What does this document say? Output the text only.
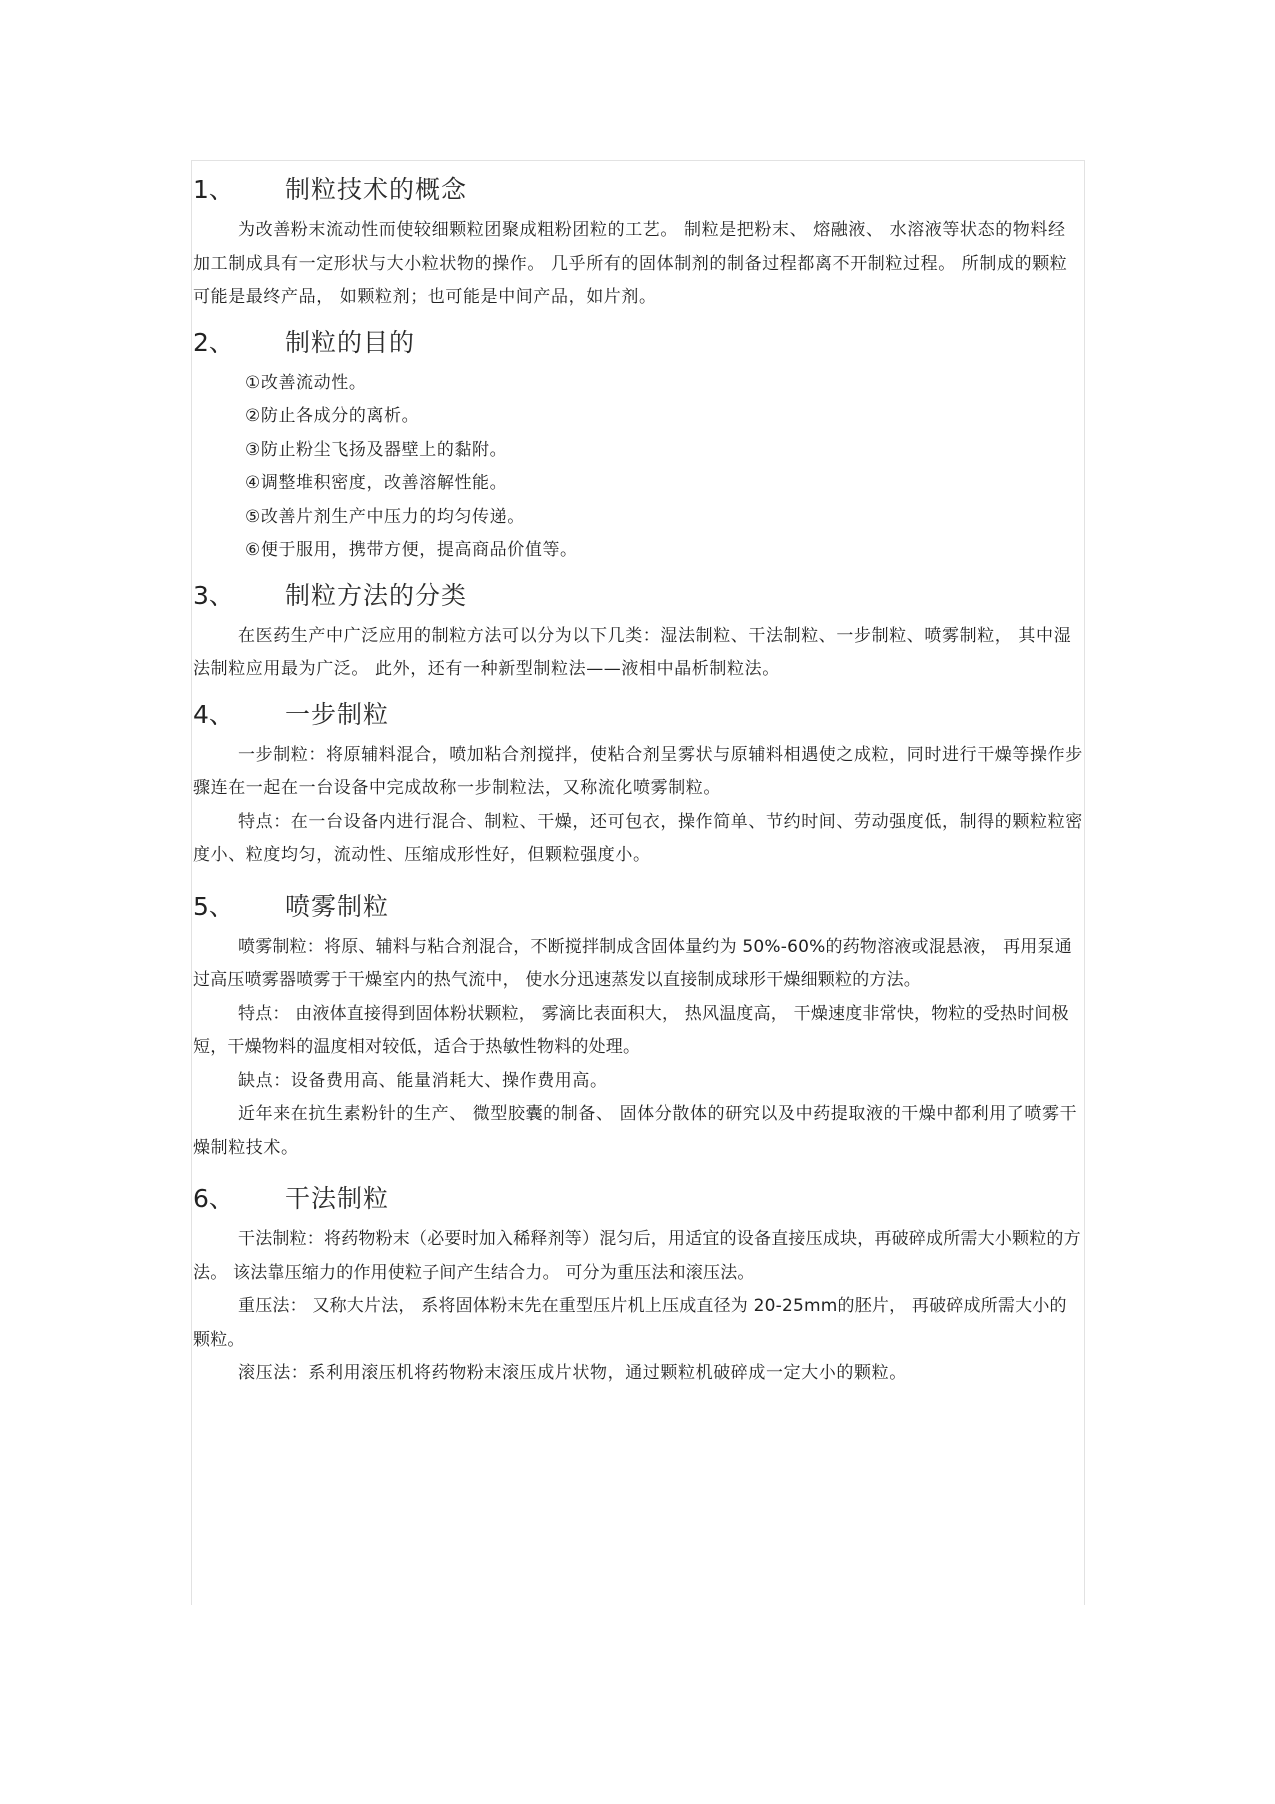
1、	制粒技术的概念

为改善粉末流动性而使较细颗粒团聚成粗粉团粒的工艺。 制粒是把粉末、 熔融液、 水溶液等状态的物料经加工制成具有一定形状与大小粒状物的操作。 几乎所有的固体制剂的制备过程都离不开制粒过程。 所制成的颗粒可能是最终产品， 如颗粒剂；也可能是中间产品，如片剂。

2、	制粒的目的
①改善流动性。
②防止各成分的离析。
③防止粉尘飞扬及器壁上的黏附。
④调整堆积密度，改善溶解性能。
⑤改善片剂生产中压力的均匀传递。
⑥便于服用，携带方便，提高商品价值等。
3、	制粒方法的分类

在医药生产中广泛应用的制粒方法可以分为以下几类：湿法制粒、干法制粒、一步制粒、喷雾制粒， 其中湿法制粒应用最为广泛。 此外，还有一种新型制粒法——液相中晶析制粒法。

4、	一步制粒

一步制粒：将原辅料混合，喷加粘合剂搅拌，使粘合剂呈雾状与原辅料相遇使之成粒，同时进行干燥等操作步骤连在一起在一台设备中完成故称一步制粒法，又称流化喷雾制粒。

特点：在一台设备内进行混合、制粒、干燥，还可包衣，操作简单、节约时间、劳动强度低，制得的颗粒粒密度小、粒度均匀，流动性、压缩成形性好，但颗粒强度小。

5、	喷雾制粒

喷雾制粒：将原、辅料与粘合剂混合，不断搅拌制成含固体量约为 50%-60%的药物溶液或混悬液， 再用泵通过高压喷雾器喷雾于干燥室内的热气流中， 使水分迅速蒸发以直接制成球形干燥细颗粒的方法。

特点： 由液体直接得到固体粉状颗粒， 雾滴比表面积大， 热风温度高， 干燥速度非常快，物粒的受热时间极短，干燥物料的温度相对较低，适合于热敏性物料的处理。

缺点：设备费用高、能量消耗大、操作费用高。

近年来在抗生素粉针的生产、 微型胶囊的制备、 固体分散体的研究以及中药提取液的干燥中都利用了喷雾干燥制粒技术。

6、	干法制粒

干法制粒：将药物粉末（必要时加入稀释剂等）混匀后，用适宜的设备直接压成块，再破碎成所需大小颗粒的方法。 该法靠压缩力的作用使粒子间产生结合力。 可分为重压法和滚压法。

重压法： 又称大片法， 系将固体粉末先在重型压片机上压成直径为 20-25mm的胚片， 再破碎成所需大小的颗粒。

滚压法：系利用滚压机将药物粉末滚压成片状物，通过颗粒机破碎成一定大小的颗粒。
